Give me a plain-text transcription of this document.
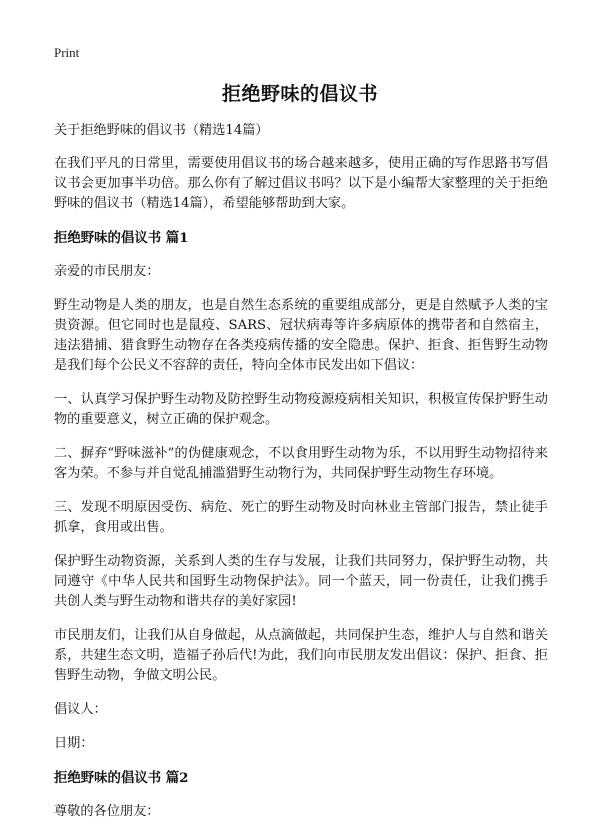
Print
拒绝野味的倡议书

关于拒绝野味的倡议书（精选14篇）

在我们平凡的日常里，需要使用倡议书的场合越来越多，使用正确的写作思路书写倡议书会更加事半功倍。那么你有了解过倡议书吗？以下是小编帮大家整理的关于拒绝野味的倡议书（精选14篇），希望能够帮助到大家。

拒绝野味的倡议书 篇1

亲爱的市民朋友：

野生动物是人类的朋友，也是自然生态系统的重要组成部分，更是自然赋予人类的宝贵资源。但它同时也是鼠疫、SARS、冠状病毒等许多病原体的携带者和自然宿主，违法猎捕、猎食野生动物存在各类疫病传播的安全隐患。保护、拒食、拒售野生动物是我们每个公民义不容辞的责任，特向全体市民发出如下倡议：

一、认真学习保护野生动物及防控野生动物疫源疫病相关知识，积极宣传保护野生动物的重要意义，树立正确的保护观念。

二、摒弃“野味滋补”的伪健康观念，不以食用野生动物为乐，不以用野生动物招待来客为荣。不参与并自觉乱捕滥猎野生动物行为，共同保护野生动物生存环境。

三、发现不明原因受伤、病危、死亡的野生动物及时向林业主管部门报告，禁止徒手抓拿，食用或出售。

保护野生动物资源，关系到人类的生存与发展，让我们共同努力，保护野生动物，共同遵守《中华人民共和国野生动物保护法》。同一个蓝天，同一份责任，让我们携手共创人类与野生动物和谐共存的美好家园!

市民朋友们，让我们从自身做起，从点滴做起，共同保护生态，维护人与自然和谐关系，共建生态文明，造福子孙后代!为此，我们向市民朋友发出倡议：保护、拒食、拒售野生动物，争做文明公民。

倡议人：

日期：

拒绝野味的倡议书 篇2

尊敬的各位朋友：
